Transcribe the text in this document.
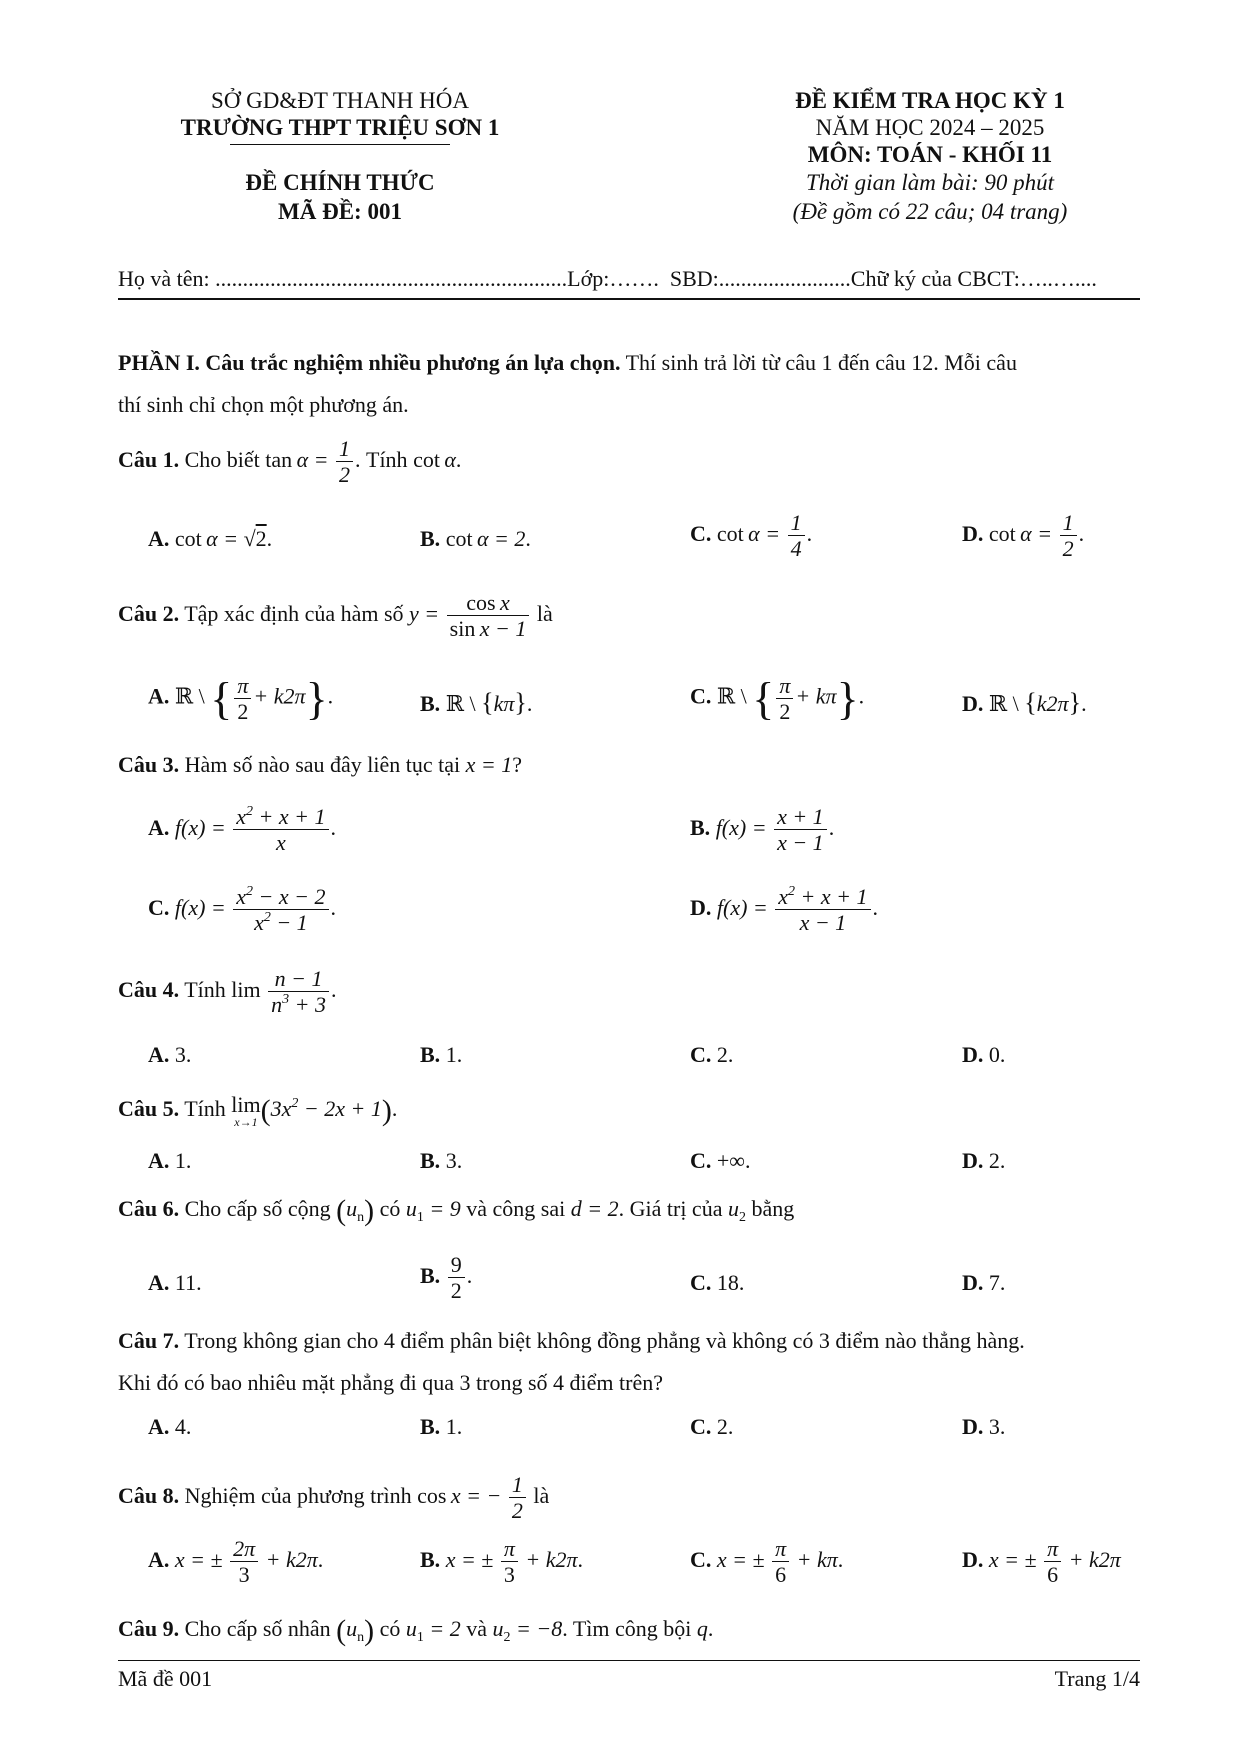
SỞ GD&ĐT THANH HÓA
TRƯỜNG THPT TRIỆU SƠN 1
ĐỀ CHÍNH THỨC
MÃ ĐỀ: 001
ĐỀ KIỂM TRA HỌC KỲ 1
NĂM HỌC 2024 – 2025
MÔN: TOÁN - KHỐI 11
Thời gian làm bài: 90 phút
(Đề gồm có 22 câu; 04 trang)
Họ và tên: ................................................................Lớp:……. SBD:........................Chữ ký của CBCT:…..…....
PHẦN I. Câu trắc nghiệm nhiều phương án lựa chọn. Thí sinh trả lời từ câu 1 đến câu 12. Mỗi câu
thí sinh chỉ chọn một phương án.
Câu 1. Cho biết $\tan \alpha = \frac{1}{2}$ . Tính cot α.
A. cot α = √2.	B. cot α = 2.	C. $\cot \alpha = \frac{1}{4}$ .	D. $\cot \alpha = \frac{1}{2}$ .
Câu 2. Tập xác định của hàm số $y = \frac{\text{cos x}}{\text{sin x − 1}}$ là
A. ℝ \ { $\frac{\pi}{2} + k2\pi$}.	B. ℝ \ {kπ}.	C. ℝ \ { $\frac{\pi}{2} + k\pi$}.	D. ℝ \ {k2π}.
Câu 3. Hàm số nào sau đây liên tục tại x = 1?
A. $f(x) = \frac{x^2 + x + 1}{x}$ .	B. $f(x) = \frac{x + 1}{x - 1}$ .
C. $f(x) = \frac{x^2 - x - 2}{x^2 - 1}$ .	D. $f(x) = \frac{x^2 + x + 1}{x - 1}$ .
Câu 4. Tính $\lim \frac{n - 1}{n^3 + 3}$ .
A. 3.	B. 1.	C. 2.	D. 0.
Câu 5. Tính lim
x→1 $(3x^2 - 2x + 1)$.
A. 1.	B. 3.	C. +∞.	D. 2.
Câu 6. Cho cấp số cộng $(u_n)$ có $u_1 = 9$ và công sai d = 2. Giá trị của $u_2$ bằng
A. 11.	B. $\frac{9}{2}$ .	C. 18.	D. 7.
Câu 7. Trong không gian cho 4 điểm phân biệt không đồng phẳng và không có 3 điểm nào thẳng hàng.
Khi đó có bao nhiêu mặt phẳng đi qua 3 trong số 4 điểm trên?
A. 4.	B. 1.	C. 2.	D. 3.
Câu 8. Nghiệm của phương trình cos x = − $\frac{1}{2}$ là
A. x = ± $\frac{2\pi}{3} + k2\pi$.	B. x = ± $\frac{\pi}{3} + k2\pi$.	C. x = ± $\frac{\pi}{6} + k\pi$.	D. x = ± $\frac{\pi}{6} + k2\pi$
Câu 9. Cho cấp số nhân $(u_n)$ có $u_1 = 2$ và $u_2 = -8$. Tìm công bội q.
Mã đề 001	Trang 1/4
